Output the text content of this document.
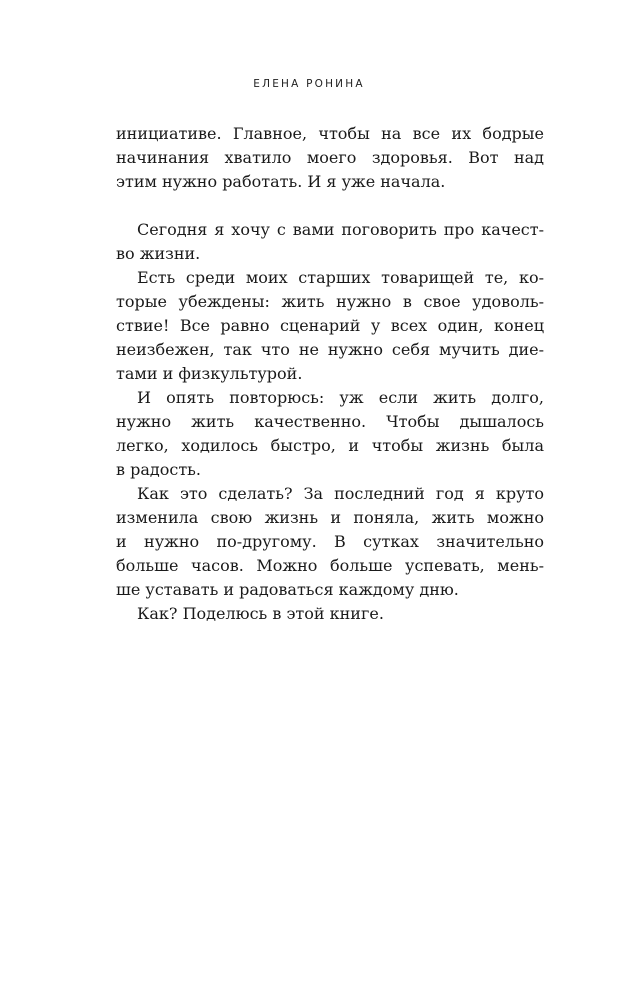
ЕЛЕНА РОНИНА
инициативе. Главное, чтобы на все их бодрые
начинания хватило моего здоровья. Вот над
этим нужно работать. И я уже начала.
Сегодня я хочу с вами поговорить про качест-
во жизни.
Есть среди моих старших товарищей те, ко-
торые убеждены: жить нужно в свое удоволь-
ствие! Все равно сценарий у всех один, конец
неизбежен, так что не нужно себя мучить дие-
тами и физкультурой.
И опять повторюсь: уж если жить долго,
нужно жить качественно. Чтобы дышалось
легко, ходилось быстро, и чтобы жизнь была
в радость.
Как это сделать? За последний год я круто
изменила свою жизнь и поняла, жить можно
и нужно по-другому. В сутках значительно
больше часов. Можно больше успевать, мень-
ше уставать и радоваться каждому дню.
Как? Поделюсь в этой книге.
